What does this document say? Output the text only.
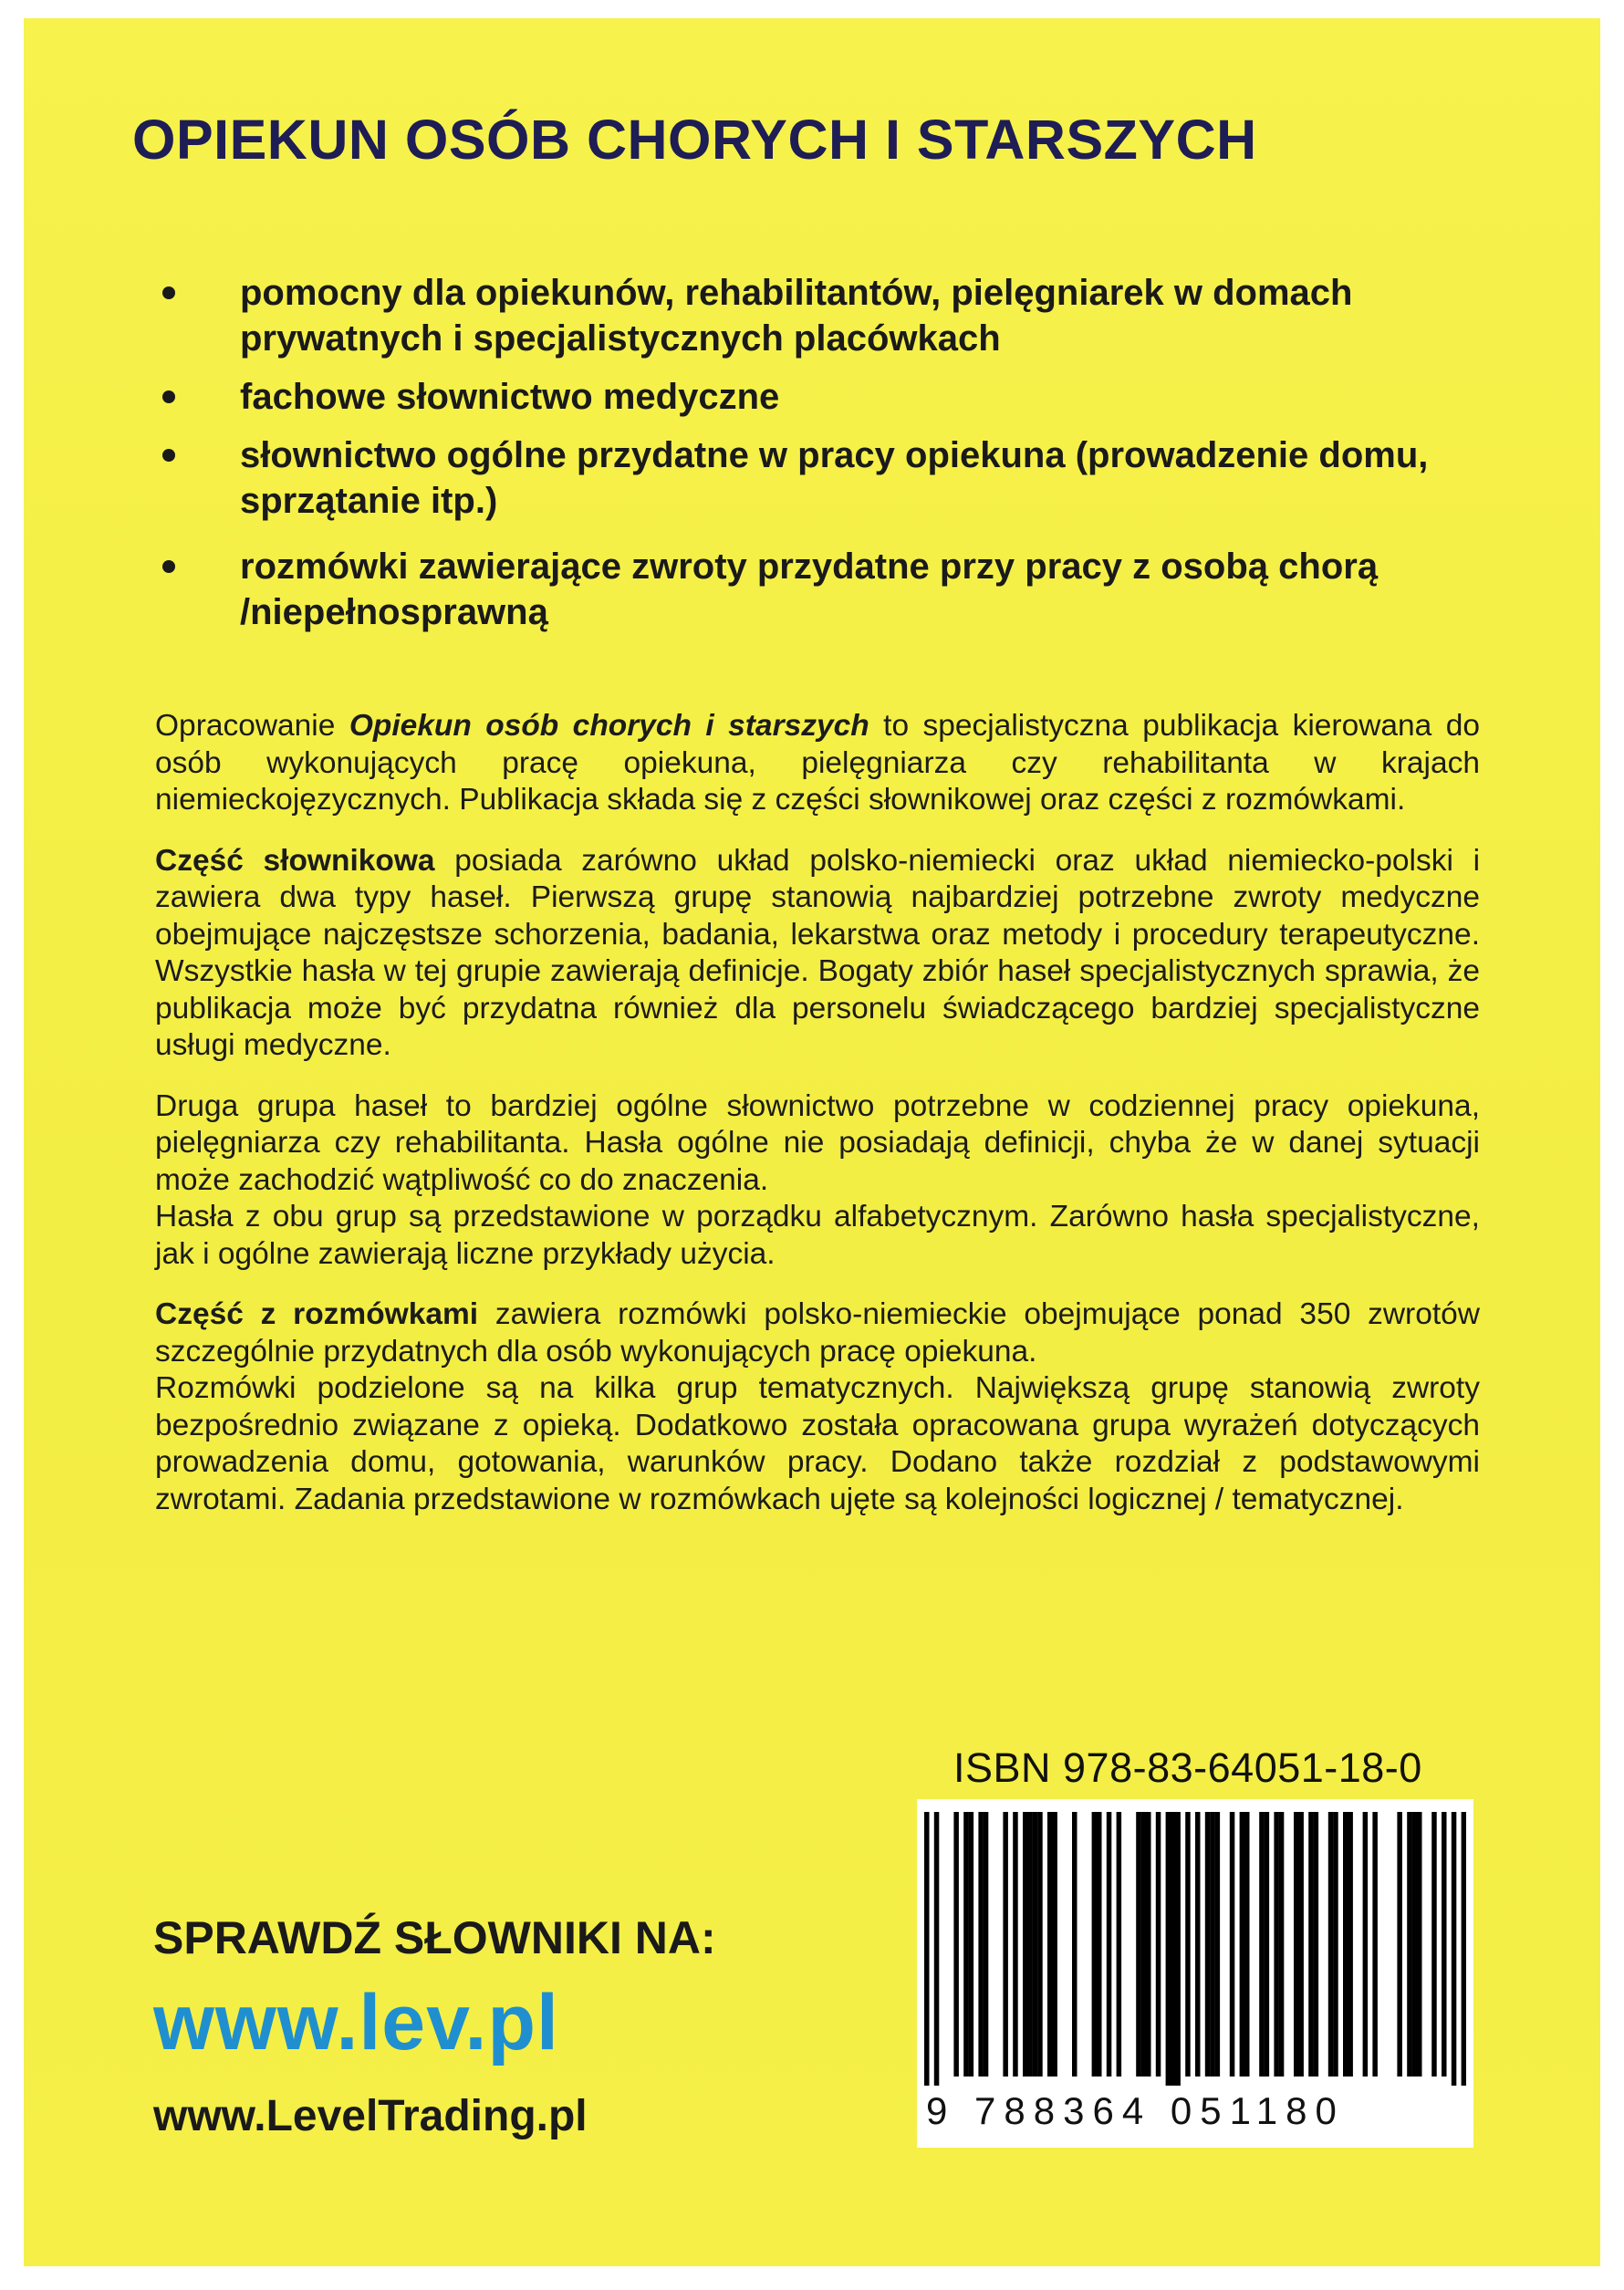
OPIEKUN OSÓB CHORYCH I STARSZYCH
pomocny dla opiekunów, rehabilitantów, pielęgniarek w domach prywatnych i specjalistycznych placówkach
fachowe słownictwo medyczne
słownictwo ogólne przydatne w pracy opiekuna (prowadzenie domu, sprzątanie itp.)
rozmówki zawierające zwroty przydatne przy pracy z osobą chorą /niepełnosprawną

Opracowanie Opiekun osób chorych i starszych to specjalistyczna publikacja kierowana do osób wykonujących pracę opiekuna, pielęgniarza czy rehabilitanta w krajach niemieckojęzycznych. Publikacja składa się z części słownikowej oraz części z rozmówkami.

Część słownikowa posiada zarówno układ polsko-niemiecki oraz układ niemiecko-polski i zawiera dwa typy haseł. Pierwszą grupę stanowią najbardziej potrzebne zwroty medyczne obejmujące najczęstsze schorzenia, badania, lekarstwa oraz metody i procedury terapeutyczne. Wszystkie hasła w tej grupie zawierają definicje. Bogaty zbiór haseł specjalistycznych sprawia, że publikacja może być przydatna również dla personelu świadczącego bardziej specjalistyczne usługi medyczne.

Druga grupa haseł to bardziej ogólne słownictwo potrzebne w codziennej pracy opiekuna, pielęgniarza czy rehabilitanta. Hasła ogólne nie posiadają definicji, chyba że w danej sytuacji może zachodzić wątpliwość co do znaczenia.

Hasła z obu grup są przedstawione w porządku alfabetycznym. Zarówno hasła specjalistyczne, jak i ogólne zawierają liczne przykłady użycia.

Część z rozmówkami zawiera rozmówki polsko-niemieckie obejmujące ponad 350 zwrotów szczególnie przydatnych dla osób wykonujących pracę opiekuna.

Rozmówki podzielone są na kilka grup tematycznych. Największą grupę stanowią zwroty bezpośrednio związane z opieką. Dodatkowo została opracowana grupa wyrażeń dotyczących prowadzenia domu, gotowania, warunków pracy. Dodano także rozdział z podstawowymi zwrotami. Zadania przedstawione w rozmówkach ujęte są kolejności logicznej / tematycznej.

ISBN 978-83-64051-18-0
9 788364 051180
SPRAWDŹ SŁOWNIKI NA:
www.lev.pl
www.LevelTrading.pl
